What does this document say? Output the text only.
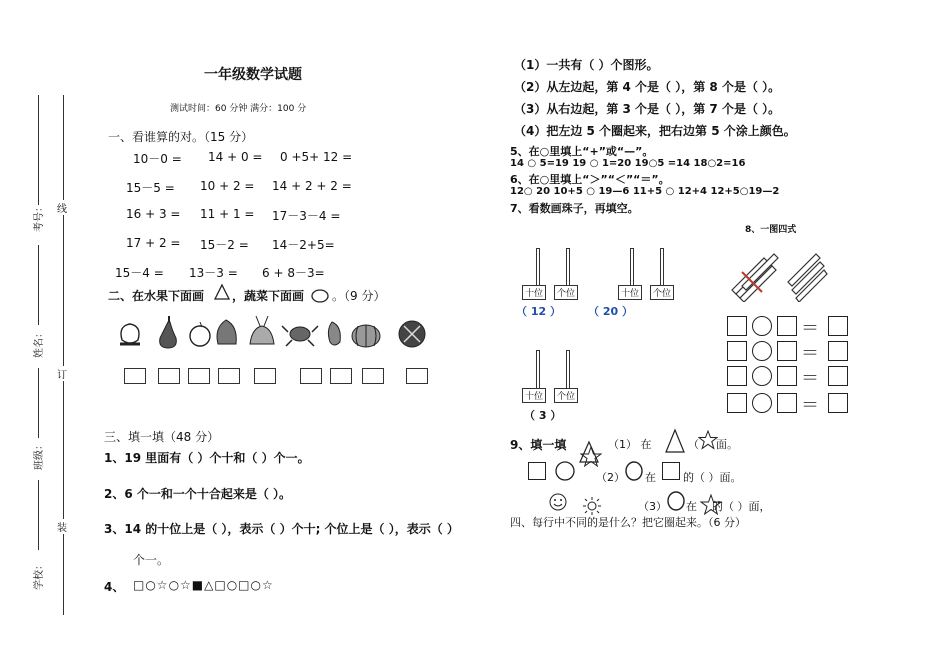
考号：
姓名：
班级：
学校：
线
订
装
一年级数学试题
测试时间：60 分钟 满分：100 分
一、看谁算的对。（15 分）
10－0 = 14 + 0 = 0 +5+ 12 =
15－5 = 10 + 2 = 14 + 2 + 2 =
16 + 3 = 11 + 1 = 17－3－4 =
17 + 2 = 15－2 = 14－2+5=
15－4 = 13－3 = 6 + 8－3=
二、在水果下面画 ，蔬菜下面画 。（9 分）
三、填一填（48 分）
1、19 里面有（ ）个十和（ ）个一。
2、6 个一和一个十合起来是（ ）。
3、14 的十位上是（ ），表示（ ）个十; 个位上是（ ），表示（ ）
个一。
4、 □○☆○☆■△□○□○☆
（1）一共有（ ）个图形。
（2）从左边起，第 4 个是（ ），第 8 个是（ ）。
（3）从右边起，第 3 个是（ ），第 7 个是（ ）。
（4）把左边 5 个圈起来，把右边第 5 个涂上颜色。
5、在○里填上“+”或“—”。
14 ○ 5=19 19 ○ 1=20 19○5 =14 18○2=16
6、在○里填上“＞”“＜”“＝”。
12○ 20 10+5 ○ 19—6 11+5 ○ 12+4 12+5○19—2
7、看数画珠子，再填空。
8、一图四式
十位	个位
（ 12 ）
十位	个位
（ 20 ）
十位	个位
（ 3 ）
＝
＝
＝
＝
9、填一填	（1） 在	（ 面。
（2） 在 的（ ）面。
（3） 在 的（ ）面，
四、每行中不同的是什么？把它圈起来。（6 分）
